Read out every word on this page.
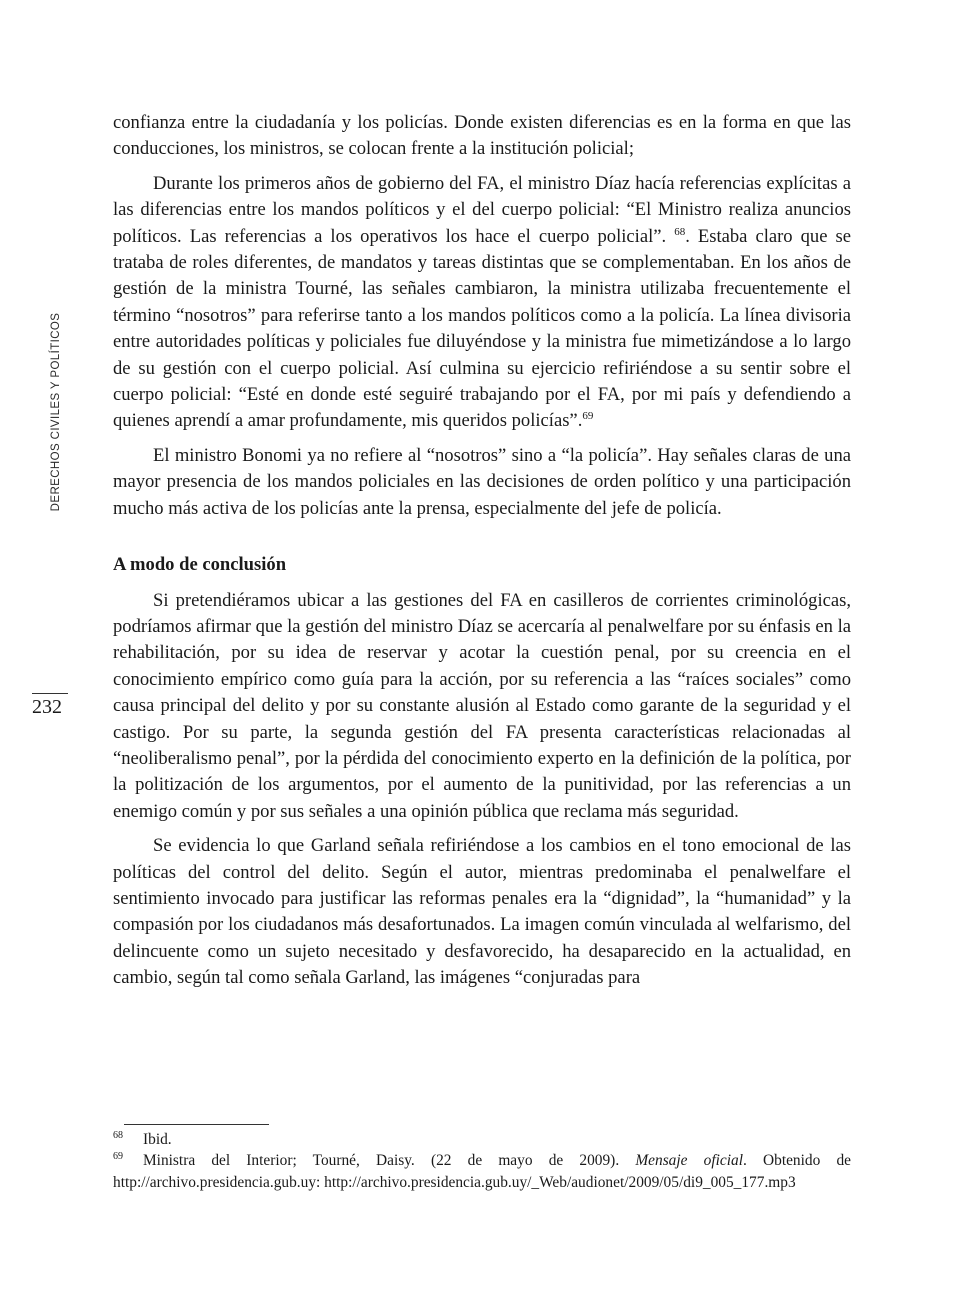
DERECHOS CIVILES Y POLÍTICOS
232

confianza entre la ciudadanía y los policías. Donde existen diferencias es en la forma en que las conducciones, los ministros, se colocan frente a la institución policial;

Durante los primeros años de gobierno del FA, el ministro Díaz hacía referencias explícitas a las diferencias entre los mandos políticos y el del cuerpo policial: “El Ministro realiza anuncios políticos. Las referencias a los operativos los hace el cuerpo policial”. $^{68}$. Estaba claro que se trataba de roles diferentes, de mandatos y tareas distintas que se complementaban. En los años de gestión de la ministra Tourné, las señales cambiaron, la ministra utilizaba frecuentemente el término “nosotros” para referirse tanto a los mandos políticos como a la policía. La línea divisoria entre autoridades políticas y policiales fue diluyéndose y la ministra fue mimetizándose a lo largo de su gestión con el cuerpo policial. Así culmina su ejercicio refiriéndose a su sentir sobre el cuerpo policial: “Esté en donde esté seguiré trabajando por el FA, por mi país y defendiendo a quienes aprendí a amar profundamente, mis queridos policías”.$^{69}$

El ministro Bonomi ya no refiere al “nosotros” sino a “la policía”. Hay señales claras de una mayor presencia de los mandos policiales en las decisiones de orden político y una participación mucho más activa de los policías ante la prensa, especialmente del jefe de policía.

A modo de conclusión

Si pretendiéramos ubicar a las gestiones del FA en casilleros de corrientes criminológicas, podríamos afirmar que la gestión del ministro Díaz se acercaría al penalwelfare por su énfasis en la rehabilitación, por su idea de reservar y acotar la cuestión penal, por su creencia en el conocimiento empírico como guía para la acción, por su referencia a las “raíces sociales” como causa principal del delito y por su constante alusión al Estado como garante de la seguridad y el castigo. Por su parte, la segunda gestión del FA presenta características relacionadas al “neoliberalismo penal”, por la pérdida del conocimiento experto en la definición de la política, por la politización de los argumentos, por el aumento de la punitividad, por las referencias a un enemigo común y por sus señales a una opinión pública que reclama más seguridad.

Se evidencia lo que Garland señala refiriéndose a los cambios en el tono emocional de las políticas del control del delito. Según el autor, mientras predominaba el penalwelfare el sentimiento invocado para justificar las reformas penales era la “dignidad”, la “humanidad” y la compasión por los ciudadanos más desafortunados. La imagen común vinculada al welfarismo, del delincuente como un sujeto necesitado y desfavorecido, ha desaparecido en la actualidad, en cambio, según tal como señala Garland, las imágenes “conjuradas para

68 Ibid.

69 Ministra del Interior; Tourné, Daisy. (22 de mayo de 2009). Mensaje oficial. Obtenido de http://archivo.presidencia.gub.uy: http://archivo.presidencia.gub.uy/_Web/audionet/2009/05/di9_005_177.mp3
